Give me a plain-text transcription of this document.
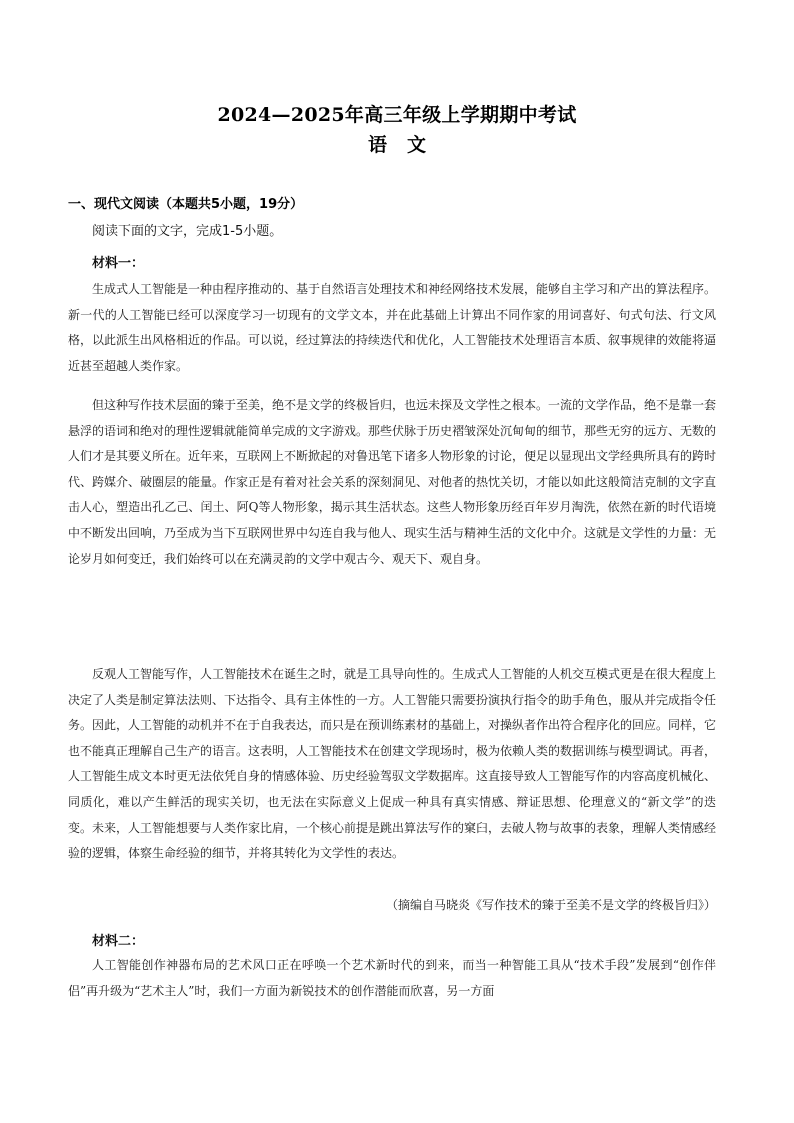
2024—2025年高三年级上学期期中考试
语文
一、现代文阅读（本题共5小题，19分）
阅读下面的文字，完成1-5小题。
材料一：

生成式人工智能是一种由程序推动的、基于自然语言处理技术和神经网络技术发展，能够自主学习和产出的算法程序。新一代的人工智能已经可以深度学习一切现有的文学文本，并在此基础上计算出不同作家的用词喜好、句式句法、行文风格，以此派生出风格相近的作品。可以说，经过算法的持续迭代和优化，人工智能技术处理语言本质、叙事规律的效能将逼近甚至超越人类作家。

但这种写作技术层面的臻于至美，绝不是文学的终极旨归，也远未探及文学性之根本。一流的文学作品，绝不是靠一套悬浮的语词和绝对的理性逻辑就能简单完成的文字游戏。那些伏脉于历史褶皱深处沉甸甸的细节，那些无穷的远方、无数的人们才是其要义所在。近年来，互联网上不断掀起的对鲁迅笔下诸多人物形象的讨论，便足以显现出文学经典所具有的跨时代、跨媒介、破圈层的能量。作家正是有着对社会关系的深刻洞见、对他者的热忱关切，才能以如此这般简洁克制的文字直击人心，塑造出孔乙己、闰土、阿Q等人物形象，揭示其生活状态。这些人物形象历经百年岁月淘洗，依然在新的时代语境中不断发出回响，乃至成为当下互联网世界中勾连自我与他人、现实生活与精神生活的文化中介。这就是文学性的力量：无论岁月如何变迁，我们始终可以在充满灵韵的文学中观古今、观天下、观自身。

反观人工智能写作，人工智能技术在诞生之时，就是工具导向性的。生成式人工智能的人机交互模式更是在很大程度上决定了人类是制定算法法则、下达指令、具有主体性的一方。人工智能只需要扮演执行指令的助手角色，服从并完成指令任务。因此，人工智能的动机并不在于自我表达，而只是在预训练素材的基础上，对操纵者作出符合程序化的回应。同样，它也不能真正理解自己生产的语言。这表明，人工智能技术在创建文学现场时，极为依赖人类的数据训练与模型调试。再者，人工智能生成文本时更无法依凭自身的情感体验、历史经验驾驭文学数据库。这直接导致人工智能写作的内容高度机械化、同质化，难以产生鲜活的现实关切，也无法在实际意义上促成一种具有真实情感、辩证思想、伦理意义的“新文学”的迭变。未来，人工智能想要与人类作家比肩，一个核心前提是跳出算法写作的窠臼，去破人物与故事的表象，理解人类情感经验的逻辑，体察生命经验的细节，并将其转化为文学性的表达。

（摘编自马晓炎《写作技术的臻于至美不是文学的终极旨归》）
材料二：

人工智能创作神器布局的艺术风口正在呼唤一个艺术新时代的到来，而当一种智能工具从“技术手段”发展到“创作伴侣”再升级为“艺术主人”时，我们一方面为新锐技术的创作潜能而欣喜，另一方面
